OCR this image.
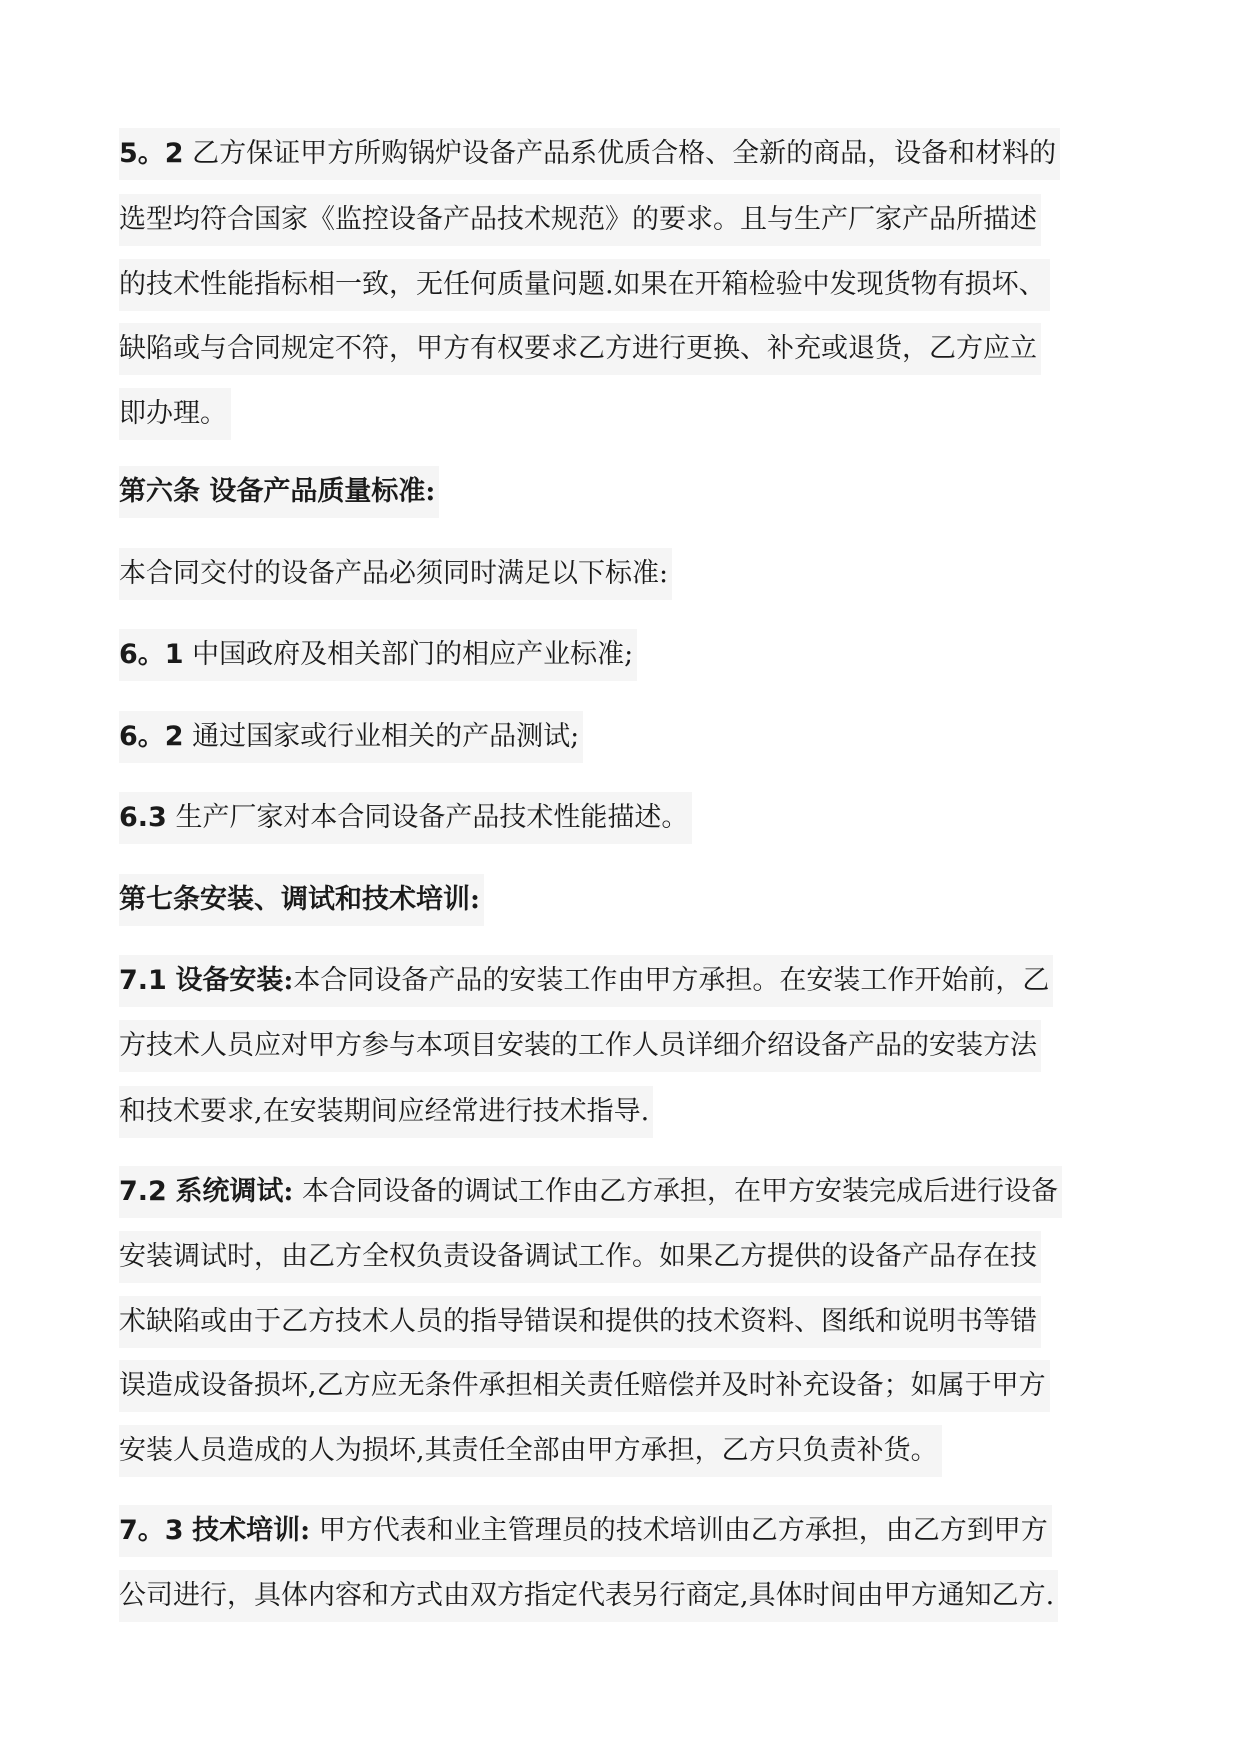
5。2 乙方保证甲方所购锅炉设备产品系优质合格、全新的商品，设备和材料的
选型均符合国家《监控设备产品技术规范》的要求。且与生产厂家产品所描述
的技术性能指标相一致，无任何质量问题.如果在开箱检验中发现货物有损坏、
缺陷或与合同规定不符，甲方有权要求乙方进行更换、补充或退货，乙方应立
即办理。
第六条 设备产品质量标准:
本合同交付的设备产品必须同时满足以下标准:
6。1 中国政府及相关部门的相应产业标准;
6。2 通过国家或行业相关的产品测试;
6.3 生产厂家对本合同设备产品技术性能描述。
第七条安装、调试和技术培训:
7.1 设备安装:本合同设备产品的安装工作由甲方承担。在安装工作开始前，乙
方技术人员应对甲方参与本项目安装的工作人员详细介绍设备产品的安装方法
和技术要求,在安装期间应经常进行技术指导.
7.2 系统调试: 本合同设备的调试工作由乙方承担，在甲方安装完成后进行设备
安装调试时，由乙方全权负责设备调试工作。如果乙方提供的设备产品存在技
术缺陷或由于乙方技术人员的指导错误和提供的技术资料、图纸和说明书等错
误造成设备损坏,乙方应无条件承担相关责任赔偿并及时补充设备；如属于甲方
安装人员造成的人为损坏,其责任全部由甲方承担，乙方只负责补货。
7。3 技术培训: 甲方代表和业主管理员的技术培训由乙方承担，由乙方到甲方
公司进行，具体内容和方式由双方指定代表另行商定,具体时间由甲方通知乙方.
